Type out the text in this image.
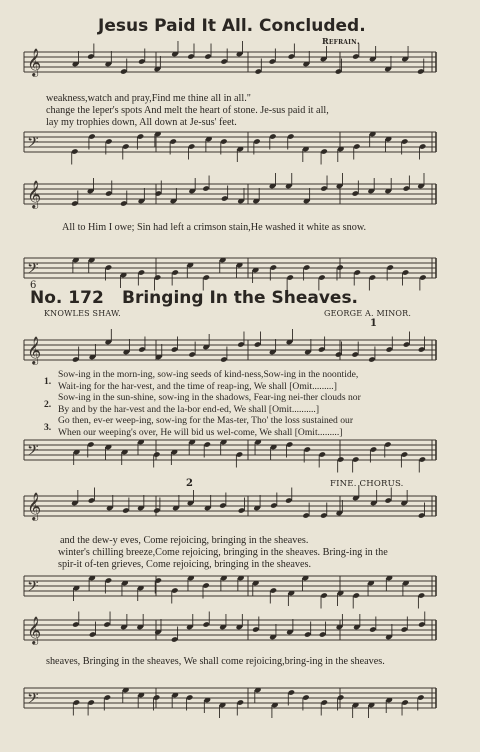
𝄞
𝄢
𝄞
𝄢
𝄞
𝄢
𝄞
𝄢
𝄞
𝄢
Jesus Paid It All. Concluded.
Refrain.
weakness,watch and pray,Find me thine all in all."
change the leper's spots And melt the heart of stone. Je-sus paid it all,
lay my trophies down, All down at Je-sus' feet.
All to Him I owe; Sin had left a crimson stain,He washed it white as snow.
6
No. 172 Bringing In the Sheaves.
KNOWLES SHAW.	GEORGE A. MINOR.
1
1.
Sow-ing in the morn-ing, sow-ing seeds of kind-ness,Sow-ing in the noontide,
Wait-ing for the har-vest, and the time of reap-ing, We shall [Omit.........]
2.
Sow-ing in the sun-shine, sow-ing in the shadows, Fear-ing nei-ther clouds nor
By and by the har-vest and the la-bor end-ed, We shall [Omit..........]
3.
Go then, ev-er weep-ing, sow-ing for the Mas-ter, Tho' the loss sustained our
When our weeping's over, He will bid us wel-come, We shall [Omit.........]
2	FINE. CHORUS.
and the dew-y eves, Come rejoicing, bringing in the sheaves.
winter's chilling breeze,Come rejoicing, bringing in the sheaves. Bring-ing in the
spir-it of-ten grieves, Come rejoicing, bringing in the sheaves.
sheaves, Bringing in the sheaves, We shall come rejoicing,bring-ing in the sheaves.
